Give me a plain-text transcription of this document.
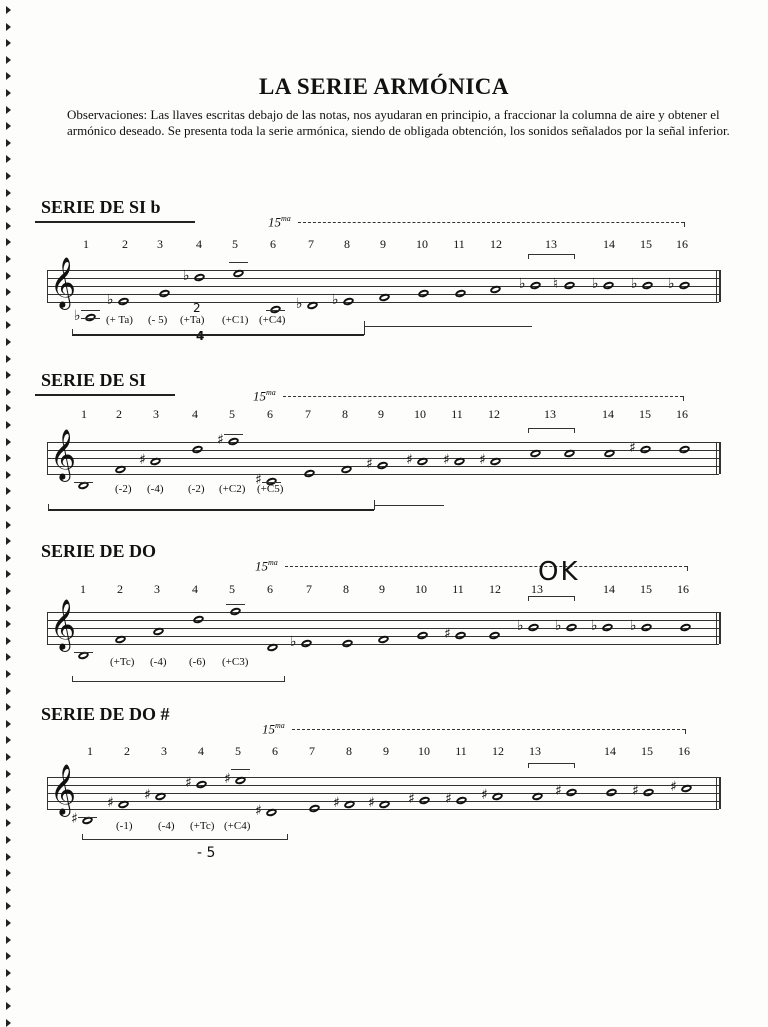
LA SERIE ARMÓNICA
Observaciones: Las llaves escritas debajo de las notas, nos ayudaran en principio, a fraccionar la columna de aire y obtener el armónico deseado. Se presenta toda la serie armónica, siendo de obligada obtención, los sonidos señalados por la señal inferior.
SERIE DE SI b
$15^{ma}$
1	2	3	4	5	6	7	8	9	10	11	12	13	14	15	16
𝄞
(+ Ta) (- 5) (+Ta) (+C1) (+C4)
2
4
♭
♭
♭
♭ ♭
♭ ♮ ♭ ♭ ♭
SERIE DE SI
$15^{ma}$
1	2	3	4	5	6	7	8	9	10	11	12	13	14	15	16
𝄞
(-2) (-4) (-2) (+C2) (+C5)
♯
♯
♯
♯ ♯ ♯ ♯
♯
SERIE DE DO
$15^{ma}$
1	2	3	4	5	6	7	8	9	10	11	12	13	14	15	16
OK
𝄞
(+Tc) (-4) (-6) (+C3)
♭	♯	♭ ♭ ♭ ♭
SERIE DE DO #
$15^{ma}$
1	2	3	4	5	6	7	8	9	10	11	12	13	14	15	16
𝄞
(-1) (-4) (+Tc) (+C4)
- 5
♯
♯ ♯
♯ ♯
♯	♯ ♯ ♯ ♯ ♯	♯	♯ ♯
